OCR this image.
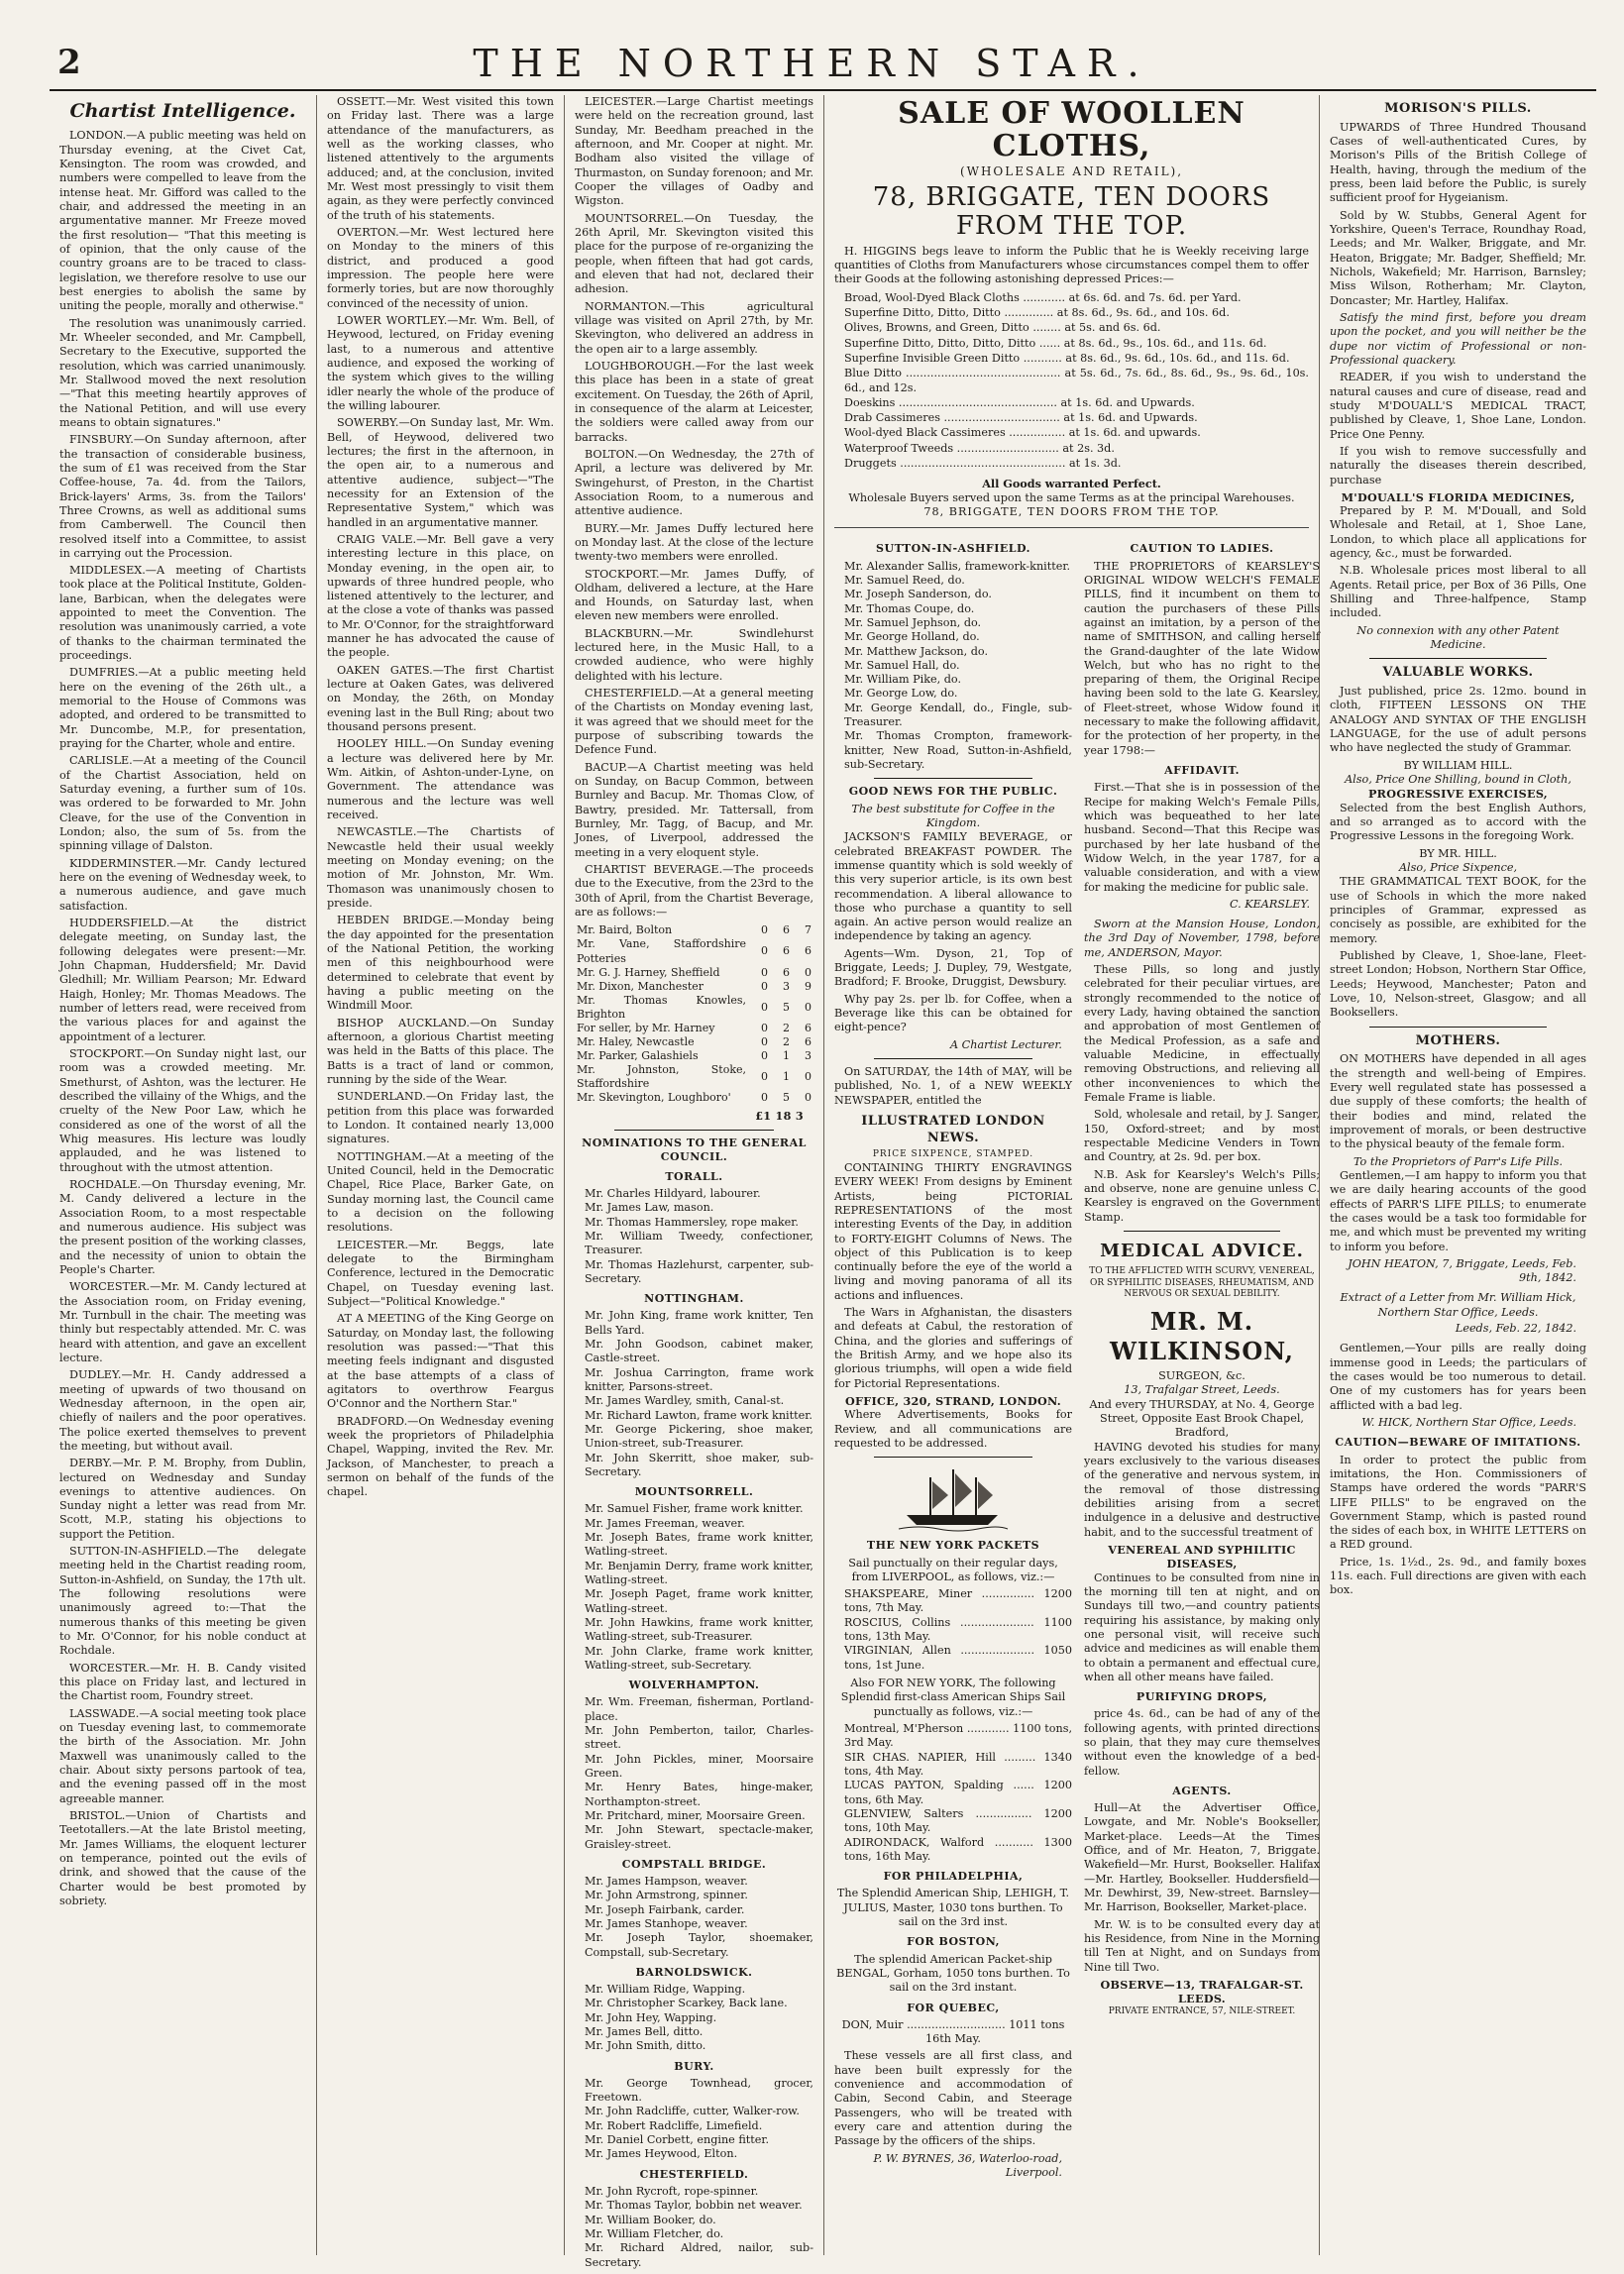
2	THE NORTHERN STAR.
Chartist Intelligence.

LONDON.—A public meeting was held on Thursday evening, at the Civet Cat, Kensington. The room was crowded, and numbers were compelled to leave from the intense heat. Mr. Gifford was called to the chair, and addressed the meeting in an argumentative manner. Mr Freeze moved the first resolution— "That this meeting is of opinion, that the only cause of the country groans are to be traced to class-legislation, we therefore resolve to use our best energies to abolish the same by uniting the people, morally and otherwise."

The resolution was unanimously carried. Mr. Wheeler seconded, and Mr. Campbell, Secretary to the Executive, supported the resolution, which was carried unanimously. Mr. Stallwood moved the next resolution—"That this meeting heartily approves of the National Petition, and will use every means to obtain signatures."

FINSBURY.—On Sunday afternoon, after the transaction of considerable business, the sum of £1 was received from the Star Coffee-house, 7a. 4d. from the Tailors, Brick-layers' Arms, 3s. from the Tailors' Three Crowns, as well as additional sums from Camberwell. The Council then resolved itself into a Committee, to assist in carrying out the Procession.

MIDDLESEX.—A meeting of Chartists took place at the Political Institute, Golden-lane, Barbican, when the delegates were appointed to meet the Convention. The resolution was unanimously carried, a vote of thanks to the chairman terminated the proceedings.

DUMFRIES.—At a public meeting held here on the evening of the 26th ult., a memorial to the House of Commons was adopted, and ordered to be transmitted to Mr. Duncombe, M.P., for presentation, praying for the Charter, whole and entire.

CARLISLE.—At a meeting of the Council of the Chartist Association, held on Saturday evening, a further sum of 10s. was ordered to be forwarded to Mr. John Cleave, for the use of the Convention in London; also, the sum of 5s. from the spinning village of Dalston.

KIDDERMINSTER.—Mr. Candy lectured here on the evening of Wednesday week, to a numerous audience, and gave much satisfaction.

HUDDERSFIELD.—At the district delegate meeting, on Sunday last, the following delegates were present:—Mr. John Chapman, Huddersfield; Mr. David Gledhill; Mr. William Pearson; Mr. Edward Haigh, Honley; Mr. Thomas Meadows. The number of letters read, were received from the various places for and against the appointment of a lecturer.

STOCKPORT.—On Sunday night last, our room was a crowded meeting. Mr. Smethurst, of Ashton, was the lecturer. He described the villainy of the Whigs, and the cruelty of the New Poor Law, which he considered as one of the worst of all the Whig measures. His lecture was loudly applauded, and he was listened to throughout with the utmost attention.

ROCHDALE.—On Thursday evening, Mr. M. Candy delivered a lecture in the Association Room, to a most respectable and numerous audience. His subject was the present position of the working classes, and the necessity of union to obtain the People's Charter.

WORCESTER.—Mr. M. Candy lectured at the Association room, on Friday evening, Mr. Turnbull in the chair. The meeting was thinly but respectably attended. Mr. C. was heard with attention, and gave an excellent lecture.

DUDLEY.—Mr. H. Candy addressed a meeting of upwards of two thousand on Wednesday afternoon, in the open air, chiefly of nailers and the poor operatives. The police exerted themselves to prevent the meeting, but without avail.

DERBY.—Mr. P. M. Brophy, from Dublin, lectured on Wednesday and Sunday evenings to attentive audiences. On Sunday night a letter was read from Mr. Scott, M.P., stating his objections to support the Petition.

SUTTON-IN-ASHFIELD.—The delegate meeting held in the Chartist reading room, Sutton-in-Ashfield, on Sunday, the 17th ult. The following resolutions were unanimously agreed to:—That the numerous thanks of this meeting be given to Mr. O'Connor, for his noble conduct at Rochdale.

WORCESTER.—Mr. H. B. Candy visited this place on Friday last, and lectured in the Chartist room, Foundry street.

LASSWADE.—A social meeting took place on Tuesday evening last, to commemorate the birth of the Association. Mr. John Maxwell was unanimously called to the chair. About sixty persons partook of tea, and the evening passed off in the most agreeable manner.

BRISTOL.—Union of Chartists and Teetotallers.—At the late Bristol meeting, Mr. James Williams, the eloquent lecturer on temperance, pointed out the evils of drink, and showed that the cause of the Charter would be best promoted by sobriety.

OSSETT.—Mr. West visited this town on Friday last. There was a large attendance of the manufacturers, as well as the working classes, who listened attentively to the arguments adduced; and, at the conclusion, invited Mr. West most pressingly to visit them again, as they were perfectly convinced of the truth of his statements.

OVERTON.—Mr. West lectured here on Monday to the miners of this district, and produced a good impression. The people here were formerly tories, but are now thoroughly convinced of the necessity of union.

LOWER WORTLEY.—Mr. Wm. Bell, of Heywood, lectured, on Friday evening last, to a numerous and attentive audience, and exposed the working of the system which gives to the willing idler nearly the whole of the produce of the willing labourer.

SOWERBY.—On Sunday last, Mr. Wm. Bell, of Heywood, delivered two lectures; the first in the afternoon, in the open air, to a numerous and attentive audience, subject—"The necessity for an Extension of the Representative System," which was handled in an argumentative manner.

CRAIG VALE.—Mr. Bell gave a very interesting lecture in this place, on Monday evening, in the open air, to upwards of three hundred people, who listened attentively to the lecturer, and at the close a vote of thanks was passed to Mr. O'Connor, for the straightforward manner he has advocated the cause of the people.

OAKEN GATES.—The first Chartist lecture at Oaken Gates, was delivered on Monday, the 26th, on Monday evening last in the Bull Ring; about two thousand persons present.

HOOLEY HILL.—On Sunday evening a lecture was delivered here by Mr. Wm. Aitkin, of Ashton-under-Lyne, on Government. The attendance was numerous and the lecture was well received.

NEWCASTLE.—The Chartists of Newcastle held their usual weekly meeting on Monday evening; on the motion of Mr. Johnston, Mr. Wm. Thomason was unanimously chosen to preside.

HEBDEN BRIDGE.—Monday being the day appointed for the presentation of the National Petition, the working men of this neighbourhood were determined to celebrate that event by having a public meeting on the Windmill Moor.

BISHOP AUCKLAND.—On Sunday afternoon, a glorious Chartist meeting was held in the Batts of this place. The Batts is a tract of land or common, running by the side of the Wear.

SUNDERLAND.—On Friday last, the petition from this place was forwarded to London. It contained nearly 13,000 signatures.

NOTTINGHAM.—At a meeting of the United Council, held in the Democratic Chapel, Rice Place, Barker Gate, on Sunday morning last, the Council came to a decision on the following resolutions.

LEICESTER.—Mr. Beggs, late delegate to the Birmingham Conference, lectured in the Democratic Chapel, on Tuesday evening last. Subject—"Political Knowledge."

AT A MEETING of the King George on Saturday, on Monday last, the following resolution was passed:—"That this meeting feels indignant and disgusted at the base attempts of a class of agitators to overthrow Feargus O'Connor and the Northern Star."

BRADFORD.—On Wednesday evening week the proprietors of Philadelphia Chapel, Wapping, invited the Rev. Mr. Jackson, of Manchester, to preach a sermon on behalf of the funds of the chapel.

LEICESTER.—Large Chartist meetings were held on the recreation ground, last Sunday, Mr. Beedham preached in the afternoon, and Mr. Cooper at night. Mr. Bodham also visited the village of Thurmaston, on Sunday forenoon; and Mr. Cooper the villages of Oadby and Wigston.

MOUNTSORREL.—On Tuesday, the 26th April, Mr. Skevington visited this place for the purpose of re-organizing the people, when fifteen that had got cards, and eleven that had not, declared their adhesion.

NORMANTON.—This agricultural village was visited on April 27th, by Mr. Skevington, who delivered an address in the open air to a large assembly.

LOUGHBOROUGH.—For the last week this place has been in a state of great excitement. On Tuesday, the 26th of April, in consequence of the alarm at Leicester, the soldiers were called away from our barracks.

BOLTON.—On Wednesday, the 27th of April, a lecture was delivered by Mr. Swingehurst, of Preston, in the Chartist Association Room, to a numerous and attentive audience.

BURY.—Mr. James Duffy lectured here on Monday last. At the close of the lecture twenty-two members were enrolled.

STOCKPORT.—Mr. James Duffy, of Oldham, delivered a lecture, at the Hare and Hounds, on Saturday last, when eleven new members were enrolled.

BLACKBURN.—Mr. Swindlehurst lectured here, in the Music Hall, to a crowded audience, who were highly delighted with his lecture.

CHESTERFIELD.—At a general meeting of the Chartists on Monday evening last, it was agreed that we should meet for the purpose of subscribing towards the Defence Fund.

BACUP.—A Chartist meeting was held on Sunday, on Bacup Common, between Burnley and Bacup. Mr. Thomas Clow, of Bawtry, presided. Mr. Tattersall, from Burnley, Mr. Tagg, of Bacup, and Mr. Jones, of Liverpool, addressed the meeting in a very eloquent style.

CHARTIST BEVERAGE.—The proceeds due to the Executive, from the 23rd to the 30th of April, from the Chartist Beverage, are as follows:—

Mr. Baird, Bolton	0	6	7
Mr. Vane, Staffordshire Potteries	0	6	6
Mr. G. J. Harney, Sheffield	0	6	0
Mr. Dixon, Manchester	0	3	9
Mr. Thomas Knowles, Brighton	0	5	0
For seller, by Mr. Harney	0	2	6
Mr. Haley, Newcastle	0	2	6
Mr. Parker, Galashiels	0	1	3
Mr. Johnston, Stoke, Staffordshire	0	1	0
Mr. Skevington, Loughboro'	0	5	0
£1 18 3
NOMINATIONS TO THE GENERAL COUNCIL.
TORALL.
Mr. Charles Hildyard, labourer.
Mr. James Law, mason.
Mr. Thomas Hammersley, rope maker.
Mr. William Tweedy, confectioner, Treasurer.
Mr. Thomas Hazlehurst, carpenter, sub-Secretary.
NOTTINGHAM.
Mr. John King, frame work knitter, Ten Bells Yard.
Mr. John Goodson, cabinet maker, Castle-street.
Mr. Joshua Carrington, frame work knitter, Parsons-street.
Mr. James Wardley, smith, Canal-st.
Mr. Richard Lawton, frame work knitter.
Mr. George Pickering, shoe maker, Union-street, sub-Treasurer.
Mr. John Skerritt, shoe maker, sub-Secretary.
MOUNTSORRELL.
Mr. Samuel Fisher, frame work knitter.
Mr. James Freeman, weaver.
Mr. Joseph Bates, frame work knitter, Watling-street.
Mr. Benjamin Derry, frame work knitter, Watling-street.
Mr. Joseph Paget, frame work knitter, Watling-street.
Mr. John Hawkins, frame work knitter, Watling-street, sub-Treasurer.
Mr. John Clarke, frame work knitter, Watling-street, sub-Secretary.
WOLVERHAMPTON.
Mr. Wm. Freeman, fisherman, Portland-place.
Mr. John Pemberton, tailor, Charles-street.
Mr. John Pickles, miner, Moorsaire Green.
Mr. Henry Bates, hinge-maker, Northampton-street.
Mr. Pritchard, miner, Moorsaire Green.
Mr. John Stewart, spectacle-maker, Graisley-street.
COMPSTALL BRIDGE.
Mr. James Hampson, weaver.
Mr. John Armstrong, spinner.
Mr. Joseph Fairbank, carder.
Mr. James Stanhope, weaver.
Mr. Joseph Taylor, shoemaker, Compstall, sub-Secretary.
BARNOLDSWICK.
Mr. William Ridge, Wapping.
Mr. Christopher Scarkey, Back lane.
Mr. John Hey, Wapping.
Mr. James Bell, ditto.
Mr. John Smith, ditto.
BURY.
Mr. George Townhead, grocer, Freetown.
Mr. John Radcliffe, cutter, Walker-row.
Mr. Robert Radcliffe, Limefield.
Mr. Daniel Corbett, engine fitter.
Mr. James Heywood, Elton.
CHESTERFIELD.
Mr. John Rycroft, rope-spinner.
Mr. Thomas Taylor, bobbin net weaver.
Mr. William Booker, do.
Mr. William Fletcher, do.
Mr. Richard Aldred, nailor, sub-Secretary.
SALE OF WOOLLEN CLOTHS,
(WHOLESALE AND RETAIL),
78, BRIGGATE, TEN DOORS FROM THE TOP.

H. HIGGINS begs leave to inform the Public that he is Weekly receiving large quantities of Cloths from Manufacturers whose circumstances compel them to offer their Goods at the following astonishing depressed Prices:—

Broad, Wool-Dyed Black Cloths ............ at 6s. 6d. and 7s. 6d. per Yard.
Superfine Ditto, Ditto, Ditto .............. at 8s. 6d., 9s. 6d., and 10s. 6d.
Olives, Browns, and Green, Ditto ........ at 5s. and 6s. 6d.
Superfine Ditto, Ditto, Ditto, Ditto ...... at 8s. 6d., 9s., 10s. 6d., and 11s. 6d.
Superfine Invisible Green Ditto ........... at 8s. 6d., 9s. 6d., 10s. 6d., and 11s. 6d.
Blue Ditto ............................................ at 5s. 6d., 7s. 6d., 8s. 6d., 9s., 9s. 6d., 10s. 6d., and 12s.
Doeskins ............................................. at 1s. 6d. and Upwards.
Drab Cassimeres ................................. at 1s. 6d. and Upwards.
Wool-dyed Black Cassimeres ................ at 1s. 6d. and upwards.
Waterproof Tweeds ............................. at 2s. 3d.
Druggets ............................................... at 1s. 3d.
All Goods warranted Perfect.
Wholesale Buyers served upon the same Terms as at the principal Warehouses.
78, BRIGGATE, TEN DOORS FROM THE TOP.
SUTTON-IN-ASHFIELD.
Mr. Alexander Sallis, framework-knitter.
Mr. Samuel Reed, do.
Mr. Joseph Sanderson, do.
Mr. Thomas Coupe, do.
Mr. Samuel Jephson, do.
Mr. George Holland, do.
Mr. Matthew Jackson, do.
Mr. Samuel Hall, do.
Mr. William Pike, do.
Mr. George Low, do.
Mr. George Kendall, do., Fingle, sub-Treasurer.
Mr. Thomas Crompton, framework-knitter, New Road, Sutton-in-Ashfield, sub-Secretary.
GOOD NEWS FOR THE PUBLIC.
The best substitute for Coffee in the Kingdom.

JACKSON'S FAMILY BEVERAGE, or celebrated BREAKFAST POWDER. The immense quantity which is sold weekly of this very superior article, is its own best recommendation. A liberal allowance to those who purchase a quantity to sell again. An active person would realize an independence by taking an agency.

Agents—Wm. Dyson, 21, Top of Briggate, Leeds; J. Dupley, 79, Westgate, Bradford; F. Brooke, Druggist, Dewsbury.

Why pay 2s. per lb. for Coffee, when a Beverage like this can be obtained for eight-pence?

A Chartist Lecturer.

On SATURDAY, the 14th of MAY, will be published, No. 1, of a NEW WEEKLY NEWSPAPER, entitled the

ILLUSTRATED LONDON NEWS.
PRICE SIXPENCE, STAMPED.

CONTAINING THIRTY ENGRAVINGS EVERY WEEK! From designs by Eminent Artists, being PICTORIAL REPRESENTATIONS of the most interesting Events of the Day, in addition to FORTY-EIGHT Columns of News. The object of this Publication is to keep continually before the eye of the world a living and moving panorama of all its actions and influences.

The Wars in Afghanistan, the disasters and defeats at Cabul, the restoration of China, and the glories and sufferings of the British Army, and we hope also its glorious triumphs, will open a wide field for Pictorial Representations.

OFFICE, 320, STRAND, LONDON.

Where Advertisements, Books for Review, and all communications are requested to be addressed.

THE NEW YORK PACKETS

Sail punctually on their regular days, from LIVERPOOL, as follows, viz.:—

SHAKSPEARE, Miner ............... 1200 tons, 7th May.
ROSCIUS, Collins ..................... 1100 tons, 13th May.
VIRGINIAN, Allen ..................... 1050 tons, 1st June.

Also FOR NEW YORK, The following Splendid first-class American Ships Sail punctually as follows, viz.:—

Montreal, M'Pherson ............ 1100 tons, 3rd May.
SIR CHAS. NAPIER, Hill ......... 1340 tons, 4th May.
LUCAS PAYTON, Spalding ...... 1200 tons, 6th May.
GLENVIEW, Salters ................ 1200 tons, 10th May.
ADIRONDACK, Walford ........... 1300 tons, 16th May.
FOR PHILADELPHIA,

The Splendid American Ship, LEHIGH, T. JULIUS, Master, 1030 tons burthen. To sail on the 3rd inst.

FOR BOSTON,

The splendid American Packet-ship BENGAL, Gorham, 1050 tons burthen. To sail on the 3rd instant.

FOR QUEBEC,

DON, Muir ............................ 1011 tons 16th May.

These vessels are all first class, and have been built expressly for the convenience and accommodation of Cabin, Second Cabin, and Steerage Passengers, who will be treated with every care and attention during the Passage by the officers of the ships.

P. W. BYRNES, 36, Waterloo-road, Liverpool.
CAUTION TO LADIES.

THE PROPRIETORS of KEARSLEY'S ORIGINAL WIDOW WELCH'S FEMALE PILLS, find it incumbent on them to caution the purchasers of these Pills against an imitation, by a person of the name of SMITHSON, and calling herself the Grand-daughter of the late Widow Welch, but who has no right to the preparing of them, the Original Recipe having been sold to the late G. Kearsley, of Fleet-street, whose Widow found it necessary to make the following affidavit, for the protection of her property, in the year 1798:—

AFFIDAVIT.

First.—That she is in possession of the Recipe for making Welch's Female Pills, which was bequeathed to her late husband. Second—That this Recipe was purchased by her late husband of the Widow Welch, in the year 1787, for a valuable consideration, and with a view for making the medicine for public sale.

C. KEARSLEY.

Sworn at the Mansion House, London, the 3rd Day of November, 1798, before me, ANDERSON, Mayor.

These Pills, so long and justly celebrated for their peculiar virtues, are strongly recommended to the notice of every Lady, having obtained the sanction and approbation of most Gentlemen of the Medical Profession, as a safe and valuable Medicine, in effectually removing Obstructions, and relieving all other inconveniences to which the Female Frame is liable.

Sold, wholesale and retail, by J. Sanger, 150, Oxford-street; and by most respectable Medicine Venders in Town and Country, at 2s. 9d. per box.

N.B. Ask for Kearsley's Welch's Pills; and observe, none are genuine unless C. Kearsley is engraved on the Government Stamp.

MEDICAL ADVICE.
TO THE AFFLICTED WITH SCURVY, VENEREAL, OR SYPHILITIC DISEASES, RHEUMATISM, AND NERVOUS OR SEXUAL DEBILITY.
MR. M. WILKINSON,
SURGEON, &c.
13, Trafalgar Street, Leeds.
And every THURSDAY, at No. 4, George Street, Opposite East Brook Chapel, Bradford,

HAVING devoted his studies for many years exclusively to the various diseases of the generative and nervous system, in the removal of those distressing debilities arising from a secret indulgence in a delusive and destructive habit, and to the successful treatment of

VENEREAL AND SYPHILITIC DISEASES,

Continues to be consulted from nine in the morning till ten at night, and on Sundays till two,—and country patients requiring his assistance, by making only one personal visit, will receive such advice and medicines as will enable them to obtain a permanent and effectual cure, when all other means have failed.

PURIFYING DROPS,

price 4s. 6d., can be had of any of the following agents, with printed directions so plain, that they may cure themselves without even the knowledge of a bed-fellow.

AGENTS.

Hull—At the Advertiser Office, Lowgate, and Mr. Noble's Bookseller, Market-place. Leeds—At the Times Office, and of Mr. Heaton, 7, Briggate. Wakefield—Mr. Hurst, Bookseller. Halifax—Mr. Hartley, Bookseller. Huddersfield—Mr. Dewhirst, 39, New-street. Barnsley—Mr. Harrison, Bookseller, Market-place.

Mr. W. is to be consulted every day at his Residence, from Nine in the Morning till Ten at Night, and on Sundays from Nine till Two.

OBSERVE—13, TRAFALGAR-ST. LEEDS.
PRIVATE ENTRANCE, 57, NILE-STREET.
MORISON'S PILLS.

UPWARDS of Three Hundred Thousand Cases of well-authenticated Cures, by Morison's Pills of the British College of Health, having, through the medium of the press, been laid before the Public, is surely sufficient proof for Hygeianism.

Sold by W. Stubbs, General Agent for Yorkshire, Queen's Terrace, Roundhay Road, Leeds; and Mr. Walker, Briggate, and Mr. Heaton, Briggate; Mr. Badger, Sheffield; Mr. Nichols, Wakefield; Mr. Harrison, Barnsley; Miss Wilson, Rotherham; Mr. Clayton, Doncaster; Mr. Hartley, Halifax.

Satisfy the mind first, before you dream upon the pocket, and you will neither be the dupe nor victim of Professional or non-Professional quackery.

READER, if you wish to understand the natural causes and cure of disease, read and study M'DOUALL'S MEDICAL TRACT, published by Cleave, 1, Shoe Lane, London. Price One Penny.

If you wish to remove successfully and naturally the diseases therein described, purchase

M'DOUALL'S FLORIDA MEDICINES,

Prepared by P. M. M'Douall, and Sold Wholesale and Retail, at 1, Shoe Lane, London, to which place all applications for agency, &c., must be forwarded.

N.B. Wholesale prices most liberal to all Agents. Retail price, per Box of 36 Pills, One Shilling and Three-halfpence, Stamp included.

No connexion with any other Patent Medicine.
VALUABLE WORKS.

Just published, price 2s. 12mo. bound in cloth, FIFTEEN LESSONS ON THE ANALOGY AND SYNTAX OF THE ENGLISH LANGUAGE, for the use of adult persons who have neglected the study of Grammar.

BY WILLIAM HILL.
Also, Price One Shilling, bound in Cloth,
PROGRESSIVE EXERCISES,

Selected from the best English Authors, and so arranged as to accord with the Progressive Lessons in the foregoing Work.

BY MR. HILL.
Also, Price Sixpence,

THE GRAMMATICAL TEXT BOOK, for the use of Schools in which the more naked principles of Grammar, expressed as concisely as possible, are exhibited for the memory.

Published by Cleave, 1, Shoe-lane, Fleet-street London; Hobson, Northern Star Office, Leeds; Heywood, Manchester; Paton and Love, 10, Nelson-street, Glasgow; and all Booksellers.

MOTHERS.

ON MOTHERS have depended in all ages the strength and well-being of Empires. Every well regulated state has possessed a due supply of these comforts; the health of their bodies and mind, related the improvement of morals, or been destructive to the physical beauty of the female form.

To the Proprietors of Parr's Life Pills.

Gentlemen,—I am happy to inform you that we are daily hearing accounts of the good effects of PARR'S LIFE PILLS; to enumerate the cases would be a task too formidable for me, and which must be prevented my writing to inform you before.

JOHN HEATON, 7, Briggate, Leeds, Feb. 9th, 1842.
Extract of a Letter from Mr. William Hick, Northern Star Office, Leeds.
Leeds, Feb. 22, 1842.

Gentlemen,—Your pills are really doing immense good in Leeds; the particulars of the cases would be too numerous to detail. One of my customers has for years been afflicted with a bad leg.

W. HICK, Northern Star Office, Leeds.
CAUTION—BEWARE OF IMITATIONS.

In order to protect the public from imitations, the Hon. Commissioners of Stamps have ordered the words "PARR'S LIFE PILLS" to be engraved on the Government Stamp, which is pasted round the sides of each box, in WHITE LETTERS on a RED ground.

Price, 1s. 1½d., 2s. 9d., and family boxes 11s. each. Full directions are given with each box.
